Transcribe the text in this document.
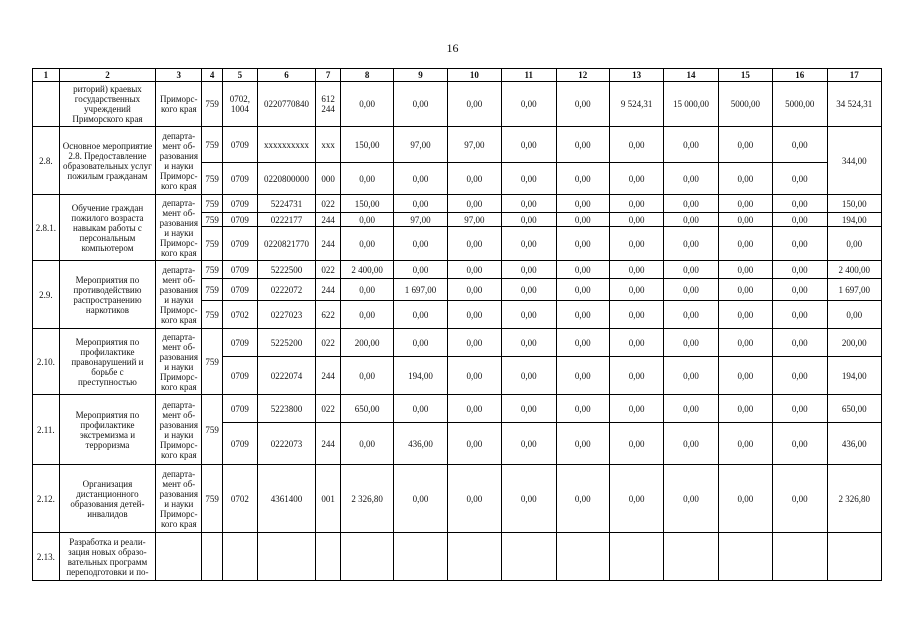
16
1	2	3	4	5	6	7	8	9	10	11	12	13	14	15	16	17
	риторий) краевых государственных учреждений Приморского края	Приморс-кого края	759	0702, 1004	0220770840	612 244	0,00	0,00	0,00	0,00	0,00	9 524,31	15 000,00	5000,00	5000,00	34 524,31
2.8.	Основное мероприятие 2.8. Предоставление образовательных услуг пожилым гражданам	департа-мент об-разования и науки Приморс-кого края	759	0709	xxxxxxxxxx	xxx	150,00	97,00	97,00	0,00	0,00	0,00	0,00	0,00	0,00	344,00
			759	0709	0220800000	000	0,00	0,00	0,00	0,00	0,00	0,00	0,00	0,00	0,00	
2.8.1.	Обучение граждан пожилого возраста навыкам работы с персональным компьютером	департа-мент об-разования и науки Приморс-кого края	759	0709	5224731	022	150,00	0,00	0,00	0,00	0,00	0,00	0,00	0,00	0,00	150,00
			759	0709	0222177	244	0,00	97,00	97,00	0,00	0,00	0,00	0,00	0,00	0,00	194,00
			759	0709	0220821770	244	0,00	0,00	0,00	0,00	0,00	0,00	0,00	0,00	0,00	0,00
2.9.	Мероприятия по противодействию распространению наркотиков	департа-мент об-разования и науки Приморс-кого края	759	0709	5222500	022	2 400,00	0,00	0,00	0,00	0,00	0,00	0,00	0,00	0,00	2 400,00
			759	0709	0222072	244	0,00	1 697,00	0,00	0,00	0,00	0,00	0,00	0,00	0,00	1 697,00
			759	0702	0227023	622	0,00	0,00	0,00	0,00	0,00	0,00	0,00	0,00	0,00	0,00
2.10.	Мероприятия по профилактике правонарушений и борьбе с преступностью	департа-мент об-разования и науки Приморс-кого края	759	0709	5225200	022	200,00	0,00	0,00	0,00	0,00	0,00	0,00	0,00	0,00	200,00
				0709	0222074	244	0,00	194,00	0,00	0,00	0,00	0,00	0,00	0,00	0,00	194,00
2.11.	Мероприятия по профилактике экстремизма и терроризма	департа-мент об-разования и науки Приморс-кого края	759	0709	5223800	022	650,00	0,00	0,00	0,00	0,00	0,00	0,00	0,00	0,00	650,00
				0709	0222073	244	0,00	436,00	0,00	0,00	0,00	0,00	0,00	0,00	0,00	436,00
2.12.	Организация дистанционного образования детей-инвалидов	департа-мент об-разования и науки Приморс-кого края	759	0702	4361400	001	2 326,80	0,00	0,00	0,00	0,00	0,00	0,00	0,00	0,00	2 326,80
2.13.	Разработка и реали-зация новых образо-вательных программ переподготовки и по-															
